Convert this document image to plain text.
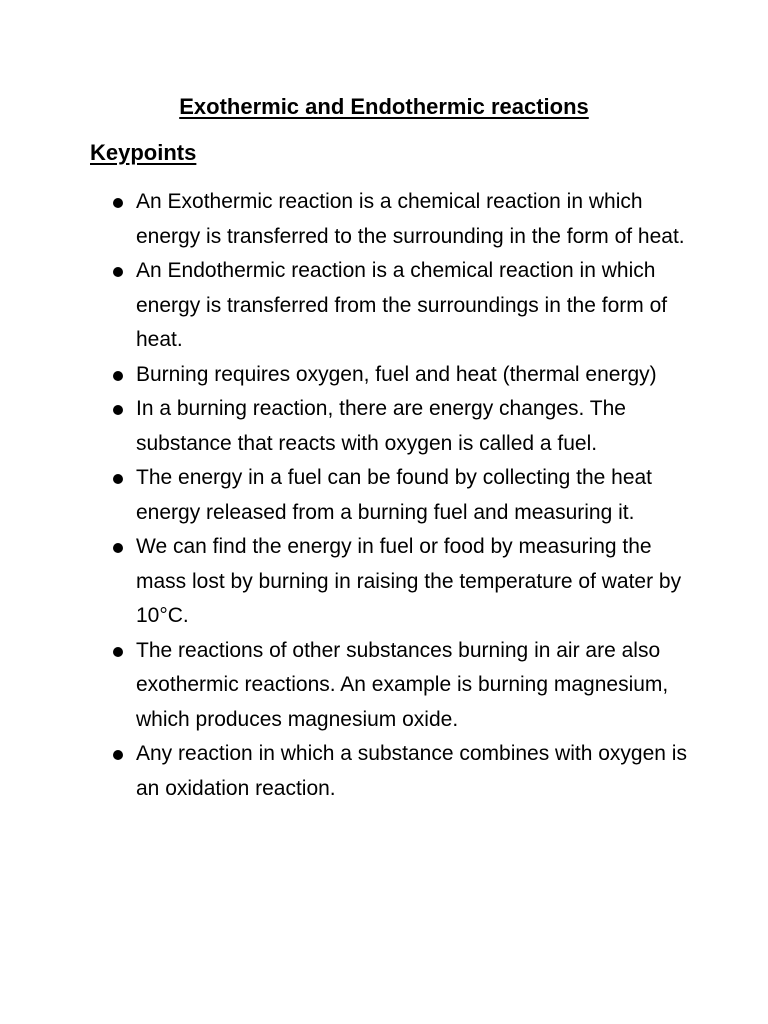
Exothermic and Endothermic reactions
Keypoints
An Exothermic reaction is a chemical reaction in which energy is transferred to the surrounding in the form of heat.
An Endothermic reaction is a chemical reaction in which energy is transferred from the surroundings in the form of heat.
Burning requires oxygen, fuel and heat (thermal energy)
In a burning reaction, there are energy changes. The substance that reacts with oxygen is called a fuel.
The energy in a fuel can be found by collecting the heat energy released from a burning fuel and measuring it.
We can find the energy in fuel or food by measuring the mass lost by burning in raising the temperature of water by 10°C.
The reactions of other substances burning in air are also exothermic reactions. An example is burning magnesium, which produces magnesium oxide.
Any reaction in which a substance combines with oxygen is an oxidation reaction.
